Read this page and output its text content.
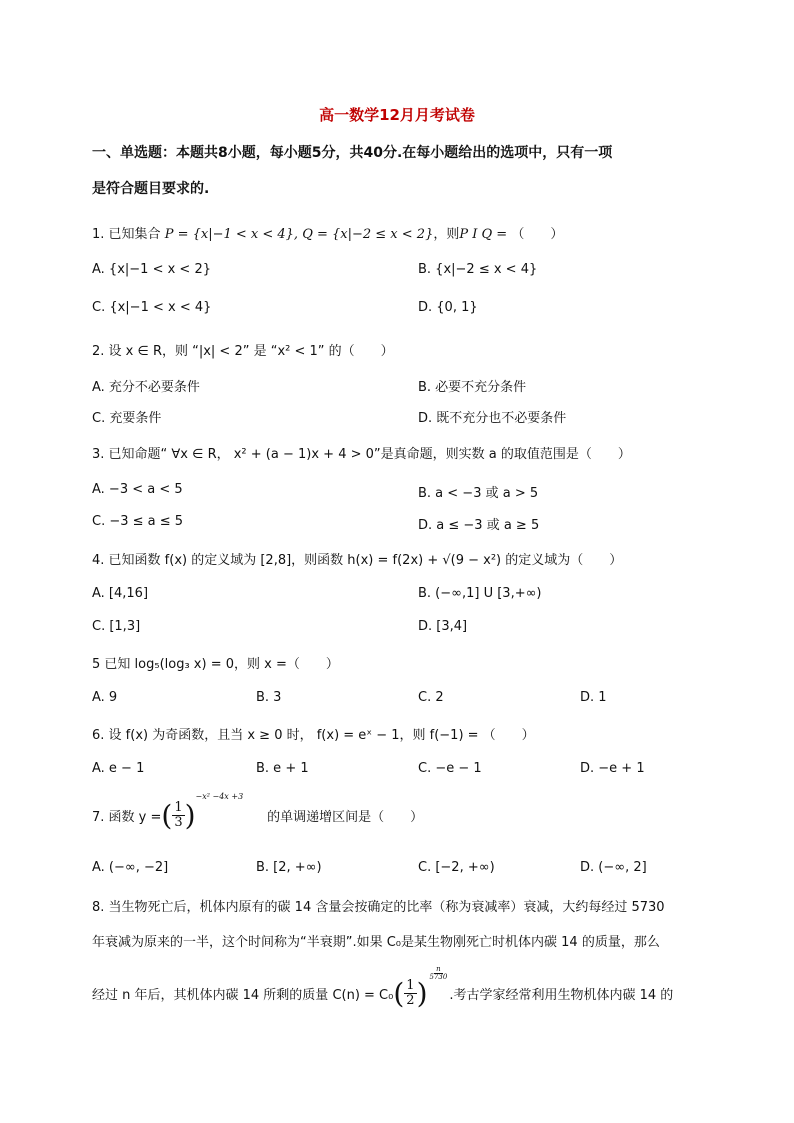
高一数学12月月考试卷
一、单选题：本题共8小题，每小题5分，共40分.在每小题给出的选项中，只有一项
是符合题目要求的.
1. 已知集合 P = {x|−1 < x < 4}, Q = {x|−2 ≤ x < 2}，则P I Q = （　　）
A. {x|−1 < x < 2}	B. {x|−2 ≤ x < 4}
C. {x|−1 < x < 4}	D. {0, 1}
2. 设 x ∈ R，则 “|x| < 2” 是 “x² < 1” 的（　　）
A. 充分不必要条件	B. 必要不充分条件
C. 充要条件	D. 既不充分也不必要条件
3. 已知命题“ ∀x ∈ R， x² + (a − 1)x + 4 > 0”是真命题，则实数 a 的取值范围是（　　）
A. −3 < a < 5	B. a < −3 或 a > 5
C. −3 ≤ a ≤ 5	D. a ≤ −3 或 a ≥ 5
4. 已知函数 f(x) 的定义域为 [2,8]，则函数 h(x) = f(2x) + √(9 − x²) 的定义域为（　　）
A. [4,16]	B. (−∞,1] U [3,+∞)
C. [1,3]	D. [3,4]
5 已知 log₅(log₃ x) = 0，则 x =（　　）
A. 9	B. 3	C. 2	D. 1
6. 设 f(x) 为奇函数，且当 x ≥ 0 时， f(x) = eˣ − 1，则 f(−1) = （　　）
A. e − 1	B. e + 1	C. −e − 1	D. −e + 1
7. 函数 y = ( $\frac{1}{3}$ )
−x² −4x +3
的单调递增区间是（　　）
A. (−∞, −2]	B. [2, +∞)	C. [−2, +∞)	D. (−∞, 2]
8. 当生物死亡后，机体内原有的碳 14 含量会按确定的比率（称为衰减率）衰减，大约每经过 5730
年衰减为原来的一半，这个时间称为“半衰期”.如果 C₀是某生物刚死亡时机体内碳 14 的质量，那么
经过 n 年后，其机体内碳 14 所剩的质量 C(n) = C₀ ( $\frac{1}{2}$ )
$\frac{n}{5730}$
.考古学家经常利用生物机体内碳 14 的
